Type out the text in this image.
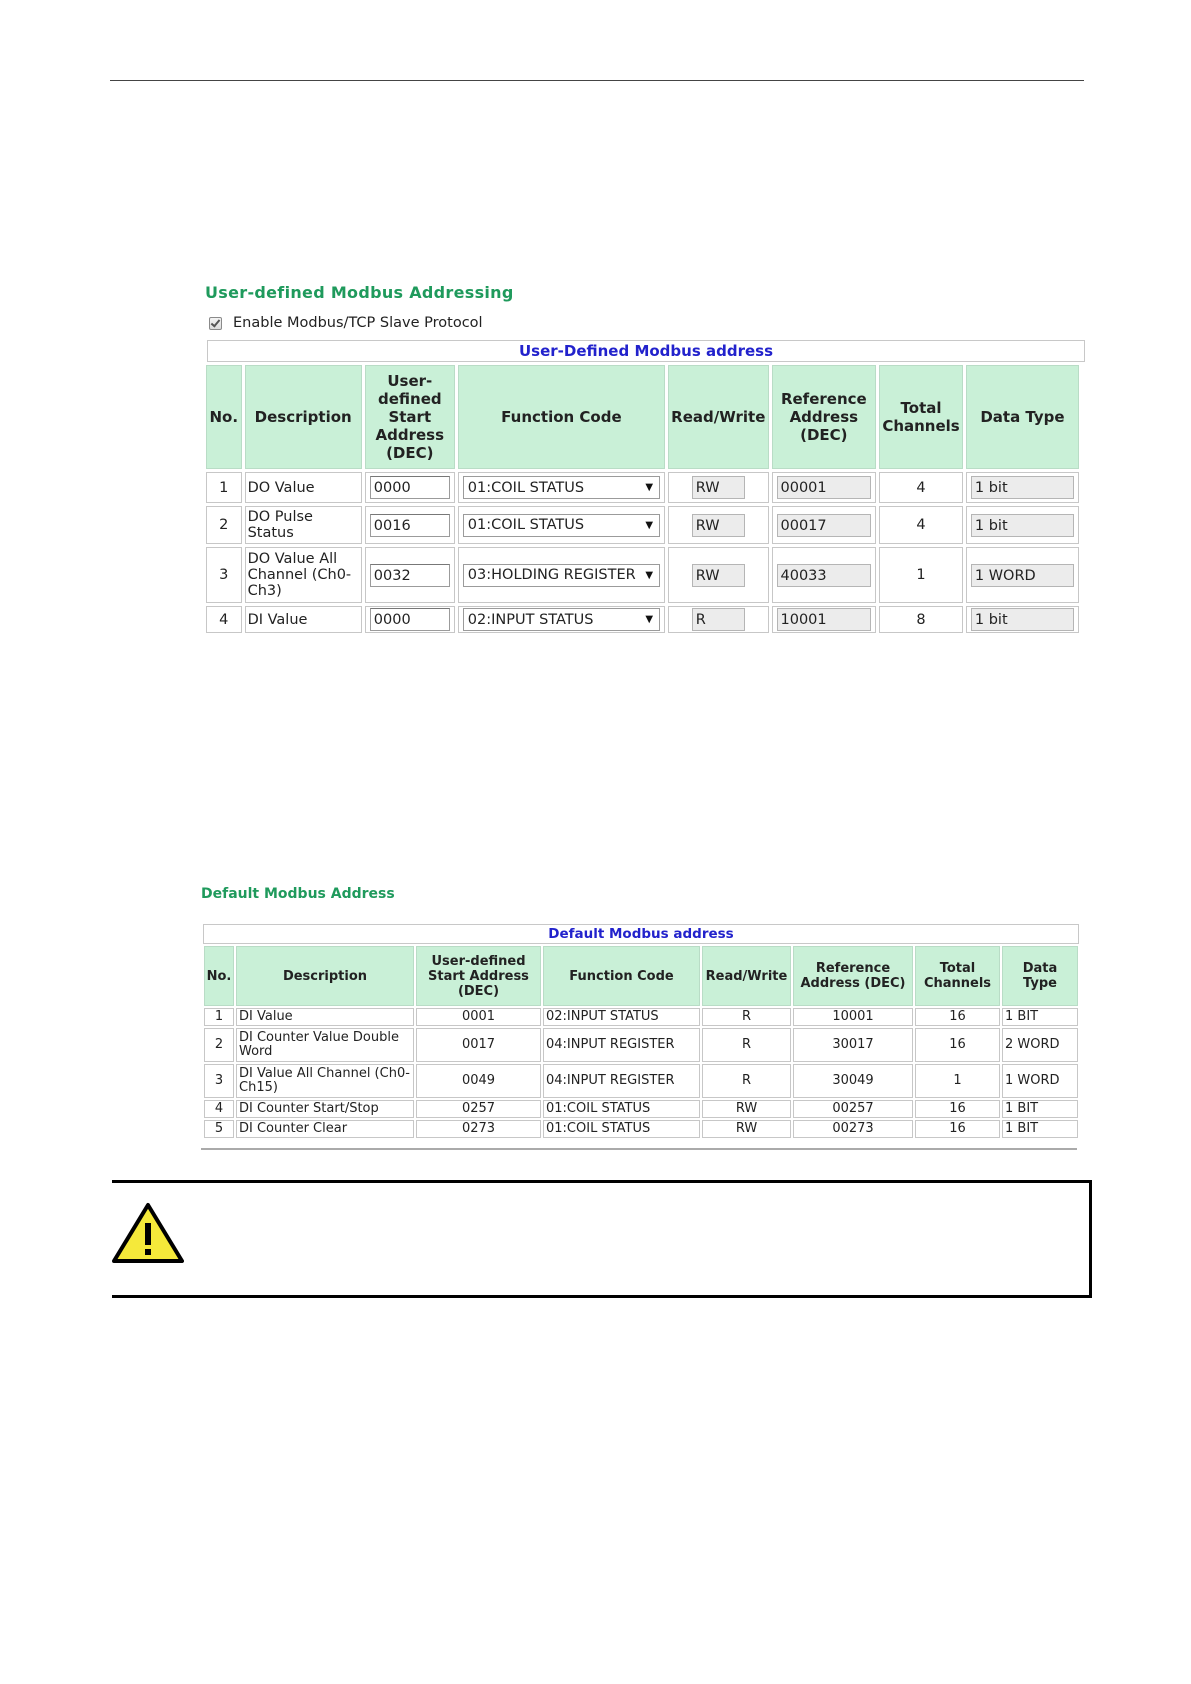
User-defined Modbus Addressing
Enable Modbus/TCP Slave Protocol
User-Defined Modbus address
No.	Description	User-defined Start Address (DEC)	Function Code	Read/Write	Reference Address (DEC)	Total Channels	Data Type
1	DO Value	0000	01:COIL STATUS ▼	RW	00001	4	1 bit

2	DO Pulse Status	0016	01:COIL STATUS ▼	RW	00017	4	1 bit

3	DO Value All Channel (Ch0-Ch3)	0032	03:HOLDING REGISTER ▼	RW	40033	1	1 WORD

4	DI Value	0000	02:INPUT STATUS ▼	R	10001	8	1 bit
Default Modbus Address
Default Modbus address
No.	Description	User-defined Start Address (DEC)	Function Code	Read/Write	Reference Address (DEC)	Total Channels	Data Type
1	DI Value	0001	02:INPUT STATUS	R	10001	16	1 BIT
2	DI Counter Value Double Word	0017	04:INPUT REGISTER	R	30017	16	2 WORD
3	DI Value All Channel (Ch0-Ch15)	0049	04:INPUT REGISTER	R	30049	1	1 WORD
4	DI Counter Start/Stop	0257	01:COIL STATUS	RW	00257	16	1 BIT
5	DI Counter Clear	0273	01:COIL STATUS	RW	00273	16	1 BIT
